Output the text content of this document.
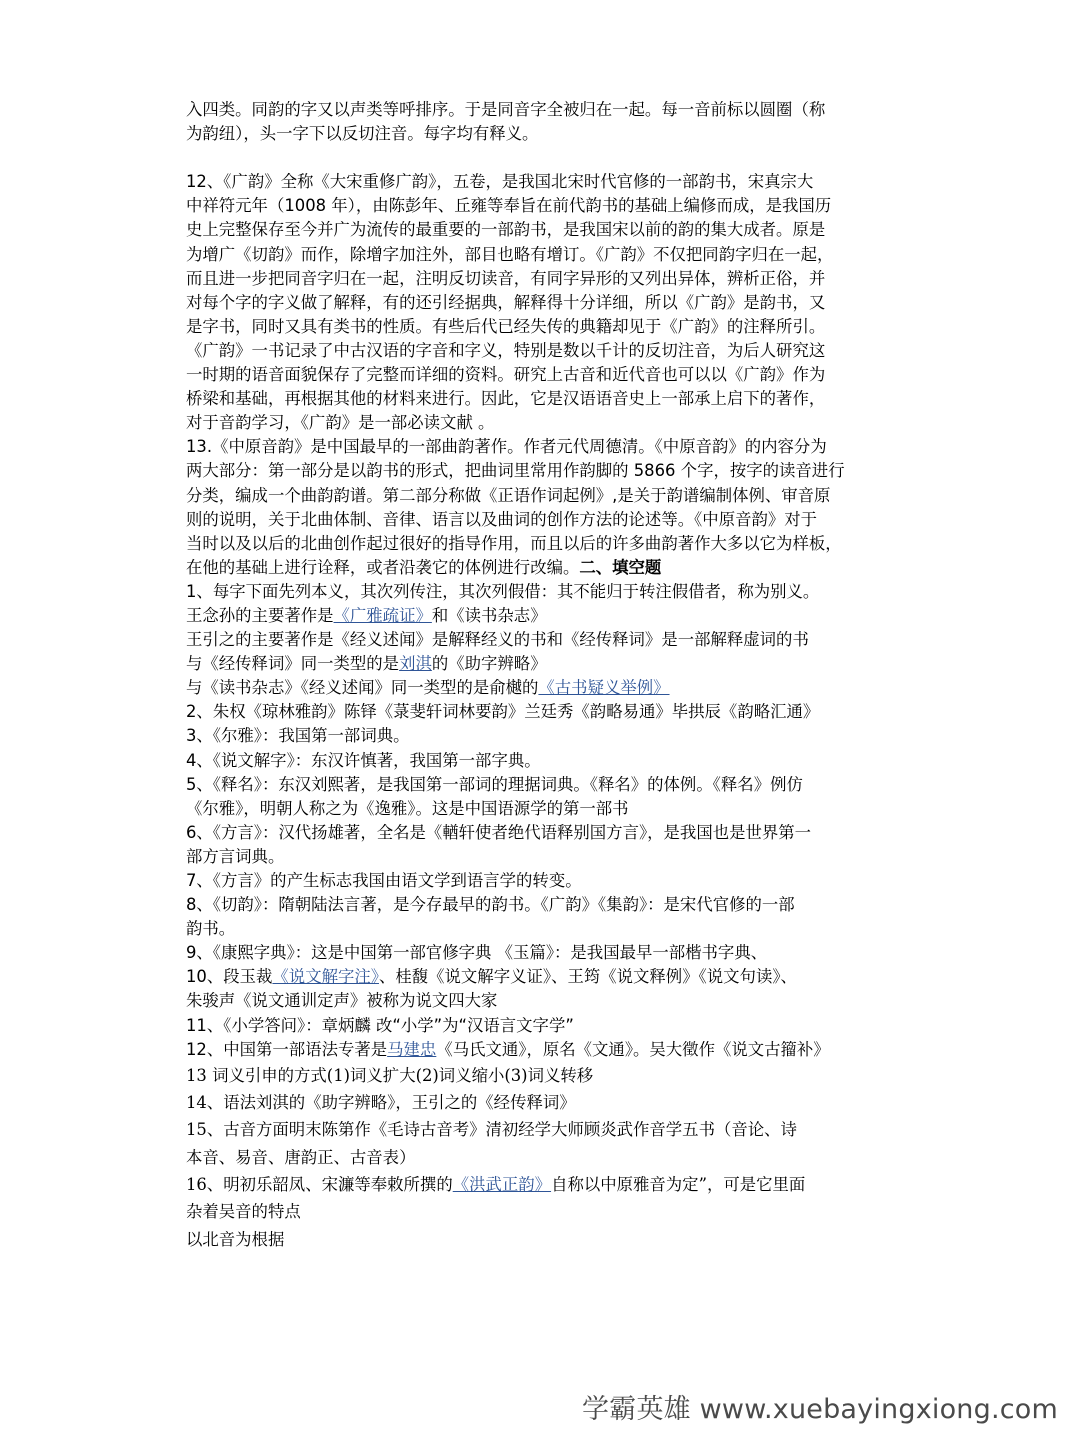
入四类。同韵的字又以声类等呼排序。于是同音字全被归在一起。每一音前标以圆圈（称
为韵纽），头一字下以反切注音。每字均有释义。
12、《广韵》全称《大宋重修广韵》，五卷，是我国北宋时代官修的一部韵书，宋真宗大
中祥符元年（1008 年），由陈彭年、丘雍等奉旨在前代韵书的基础上编修而成，是我国历
史上完整保存至今并广为流传的最重要的一部韵书，是我国宋以前的韵的集大成者。原是
为增广《切韵》而作，除增字加注外，部目也略有增订。《广韵》不仅把同韵字归在一起，
而且进一步把同音字归在一起，注明反切读音，有同字异形的又列出异体，辨析正俗，并
对每个字的字义做了解释，有的还引经据典，解释得十分详细，所以《广韵》是韵书，又
是字书，同时又具有类书的性质。有些后代已经失传的典籍却见于《广韵》的注释所引。
《广韵》一书记录了中古汉语的字音和字义，特别是数以千计的反切注音，为后人研究这
一时期的语音面貌保存了完整而详细的资料。研究上古音和近代音也可以以《广韵》作为
桥梁和基础，再根据其他的材料来进行。因此，它是汉语语音史上一部承上启下的著作，
对于音韵学习，《广韵》是一部必读文献 。
13.《中原音韵》是中国最早的一部曲韵著作。作者元代周德清。《中原音韵》的内容分为
两大部分：第一部分是以韵书的形式，把曲词里常用作韵脚的 5866 个字，按字的读音进行
分类，编成一个曲韵韵谱。第二部分称做《正语作词起例》,是关于韵谱编制体例、审音原
则的说明，关于北曲体制、音律、语言以及曲词的创作方法的论述等。《中原音韵》对于
当时以及以后的北曲创作起过很好的指导作用，而且以后的许多曲韵著作大多以它为样板，
在他的基础上进行诠释，或者沿袭它的体例进行改编。二、填空题
1、每字下面先列本义，其次列传注，其次列假借：其不能归于转注假借者，称为别义。
王念孙的主要著作是《广雅疏证》和《读书杂志》
王引之的主要著作是《经义述闻》是解释经义的书和《经传释词》是一部解释虚词的书
与《经传释词》同一类型的是刘淇的《助字辨略》
与《读书杂志》《经义述闻》同一类型的是俞樾的《古书疑义举例》
2、朱权《琼林雅韵》陈铎《菉斐轩词林要韵》兰廷秀《韵略易通》毕拱辰《韵略汇通》
3、《尔雅》：我国第一部词典。
4、《说文解字》：东汉许慎著，我国第一部字典。
5、《释名》：东汉刘熙著，是我国第一部词的理据词典。《释名》的体例。《释名》例仿
《尔雅》，明朝人称之为《逸雅》。这是中国语源学的第一部书
6、《方言》：汉代扬雄著，全名是《輶轩使者绝代语释别国方言》，是我国也是世界第一
部方言词典。
7、《方言》的产生标志我国由语文学到语言学的转变。
8、《切韵》：隋朝陆法言著，是今存最早的韵书。《广韵》《集韵》：是宋代官修的一部
韵书。
9、《康熙字典》：这是中国第一部官修字典 《玉篇》：是我国最早一部楷书字典、
10、段玉裁《说文解字注》、桂馥《说文解字义证》、王筠《说文释例》《说文句读》、
朱骏声《说文通训定声》被称为说文四大家
11、《小学答问》：章炳麟 改“小学”为“汉语言文字学”
12、中国第一部语法专著是马建忠《马氏文通》，原名《文通》。吴大徵作《说文古籀补》
13 词义引申的方式(1)词义扩大(2)词义缩小(3)词义转移
14、语法刘淇的《助字辨略》，王引之的《经传释词》
15、古音方面明末陈第作《毛诗古音考》清初经学大师顾炎武作音学五书（音论、诗
本音、易音、唐韵正、古音表）
16、明初乐韶凤、宋濂等奉敕所撰的《洪武正韵》自称以中原雅音为定”，可是它里面
杂着吴音的特点
以北音为根据
学霸英雄 www.xuebayingxiong.com
